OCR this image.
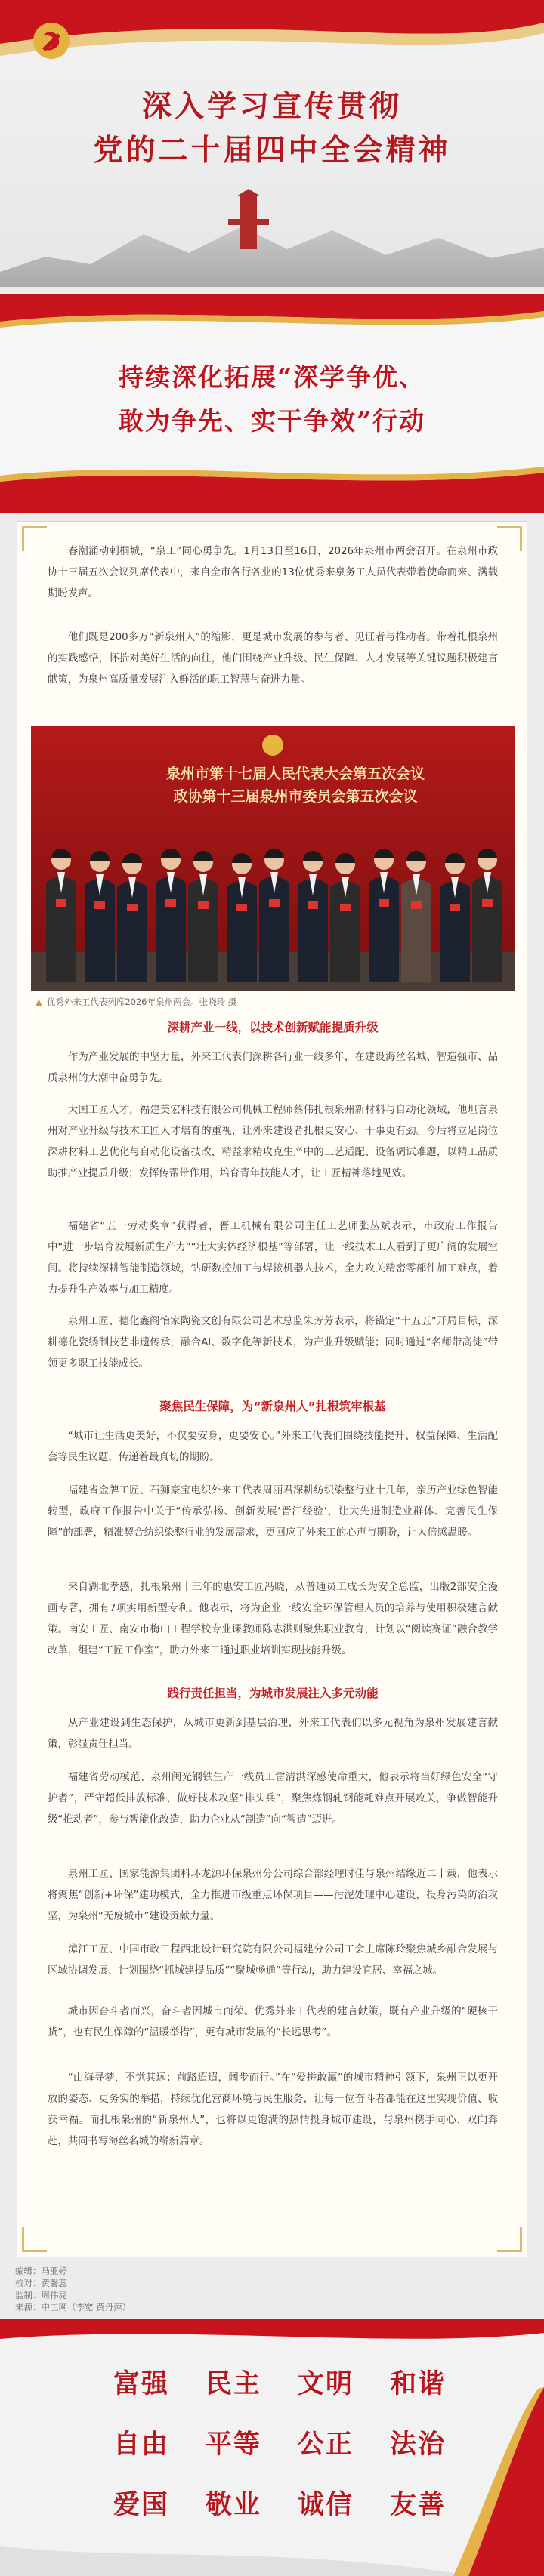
深入学习宣传贯彻
党的二十届四中全会精神
持续深化拓展“深学争优、
敢为争先、实干争效”行动

春潮涌动刺桐城，“泉工”同心勇争先。1月13日至16日，2026年泉州市两会召开。在泉州市政协十三届五次会议列席代表中，来自全市各行各业的13位优秀来泉务工人员代表带着使命而来、满载期盼发声。

他们既是200多万“新泉州人”的缩影，更是城市发展的参与者、见证者与推动者。带着扎根泉州的实践感悟，怀揣对美好生活的向往，他们围绕产业升级、民生保障、人才发展等关键议题积极建言献策，为泉州高质量发展注入鲜活的职工智慧与奋进力量。

泉州市第十七届人民代表大会第五次会议
政协第十三届泉州市委员会第五次会议
▲ 优秀外来工代表列席2026年泉州两会。张晓玲 摄
深耕产业一线，以技术创新赋能提质升级

作为产业发展的中坚力量，外来工代表们深耕各行业一线多年，在建设海丝名城、智造强市、品质泉州的大潮中奋勇争先。

大国工匠人才，福建美宏科技有限公司机械工程师蔡伟扎根泉州新材料与自动化领域，他坦言泉州对产业升级与技术工匠人才培育的重视，让外来建设者扎根更安心、干事更有劲。今后将立足岗位深耕材料工艺优化与自动化设备技改，精益求精攻克生产中的工艺适配、设备调试难题，以精工品质助推产业提质升级；发挥传帮带作用，培育青年技能人才，让工匠精神落地见效。

福建省“五一劳动奖章”获得者，晋工机械有限公司主任工艺师张丛斌表示，市政府工作报告中“进一步培育发展新质生产力”“壮大实体经济根基”等部署，让一线技术工人看到了更广阔的发展空间。将持续深耕智能制造领域，钻研数控加工与焊接机器人技术，全力攻关精密零部件加工难点，着力提升生产效率与加工精度。

泉州工匠、德化鑫阁怡家陶瓷文创有限公司艺术总监朱芳芳表示，将锚定“十五五”开局目标，深耕德化瓷绣制技艺非遗传承，融合AI、数字化等新技术，为产业升级赋能；同时通过“名师带高徒”带领更多职工技能成长。

聚焦民生保障，为“新泉州人”扎根筑牢根基

“城市让生活更美好，不仅要安身，更要安心。”外来工代表们围绕技能提升、权益保障、生活配套等民生议题，传递着最真切的期盼。

福建省金牌工匠、石狮豪宝电织外来工代表周丽君深耕纺织染整行业十几年，亲历产业绿色智能转型，政府工作报告中关于“传承弘扬、创新发展‘晋江经验’，让大先进制造业群体、完善民生保障”的部署，精准契合纺织染整行业的发展需求，更回应了外来工的心声与期盼，让人倍感温暖。

来自湖北孝感，扎根泉州十三年的惠安工匠冯晓，从普通员工成长为安全总监，出版2部安全漫画专著，拥有7项实用新型专利。他表示，将为企业一线安全环保管理人员的培养与使用积极建言献策。南安工匠、南安市梅山工程学校专业课教师陈志洪则聚焦职业教育，计划以“阅读赛证”融合教学改革，组建“工匠工作室”，助力外来工通过职业培训实现技能升级。

践行责任担当，为城市发展注入多元动能

从产业建设到生态保护，从城市更新到基层治理，外来工代表们以多元视角为泉州发展建言献策，彰显责任担当。

福建省劳动模范、泉州闽光钢铁生产一线员工雷清洪深感使命重大，他表示将当好绿色安全“守护者”，严守超低排放标准，做好技术攻坚“排头兵”，聚焦炼钢轧钢能耗难点开展攻关，争做智能升级“推动者”，参与智能化改造，助力企业从“制造”向“智造”迈进。

泉州工匠、国家能源集团科环龙源环保泉州分公司综合部经理时佳与泉州结缘近二十载，他表示将聚焦“创新+环保”建功模式，全力推进市级重点环保项目——污泥处理中心建设，投身污染防治攻坚，为泉州“无废城市”建设贡献力量。

漳江工匠、中国市政工程西北设计研究院有限公司福建分公司工会主席陈玲聚焦城乡融合发展与区域协调发展，计划围绕“抓城建提品质”“聚城畅通”等行动，助力建设宜居、幸福之城。

城市因奋斗者而兴，奋斗者因城市而荣。优秀外来工代表的建言献策，既有产业升级的“硬核干货”，也有民生保障的“温暖举措”，更有城市发展的“长远思考”。

“山海寻梦，不觉其远；前路迢迢，阔步而行。”在“爱拼敢赢”的城市精神引领下，泉州正以更开放的姿态、更务实的举措，持续优化营商环境与民生服务，让每一位奋斗者都能在这里实现价值、收获幸福。而扎根泉州的“新泉州人”，也将以更饱满的热情投身城市建设，与泉州携手同心、双向奔赴，共同书写海丝名城的崭新篇章。

编辑：马亚婷
校对：黄馨蕊
监制：周伟亮
来源：中工网（李宽 黄丹萍）
富强 民主 文明 和谐
自由 平等 公正 法治
爱国 敬业 诚信 友善
